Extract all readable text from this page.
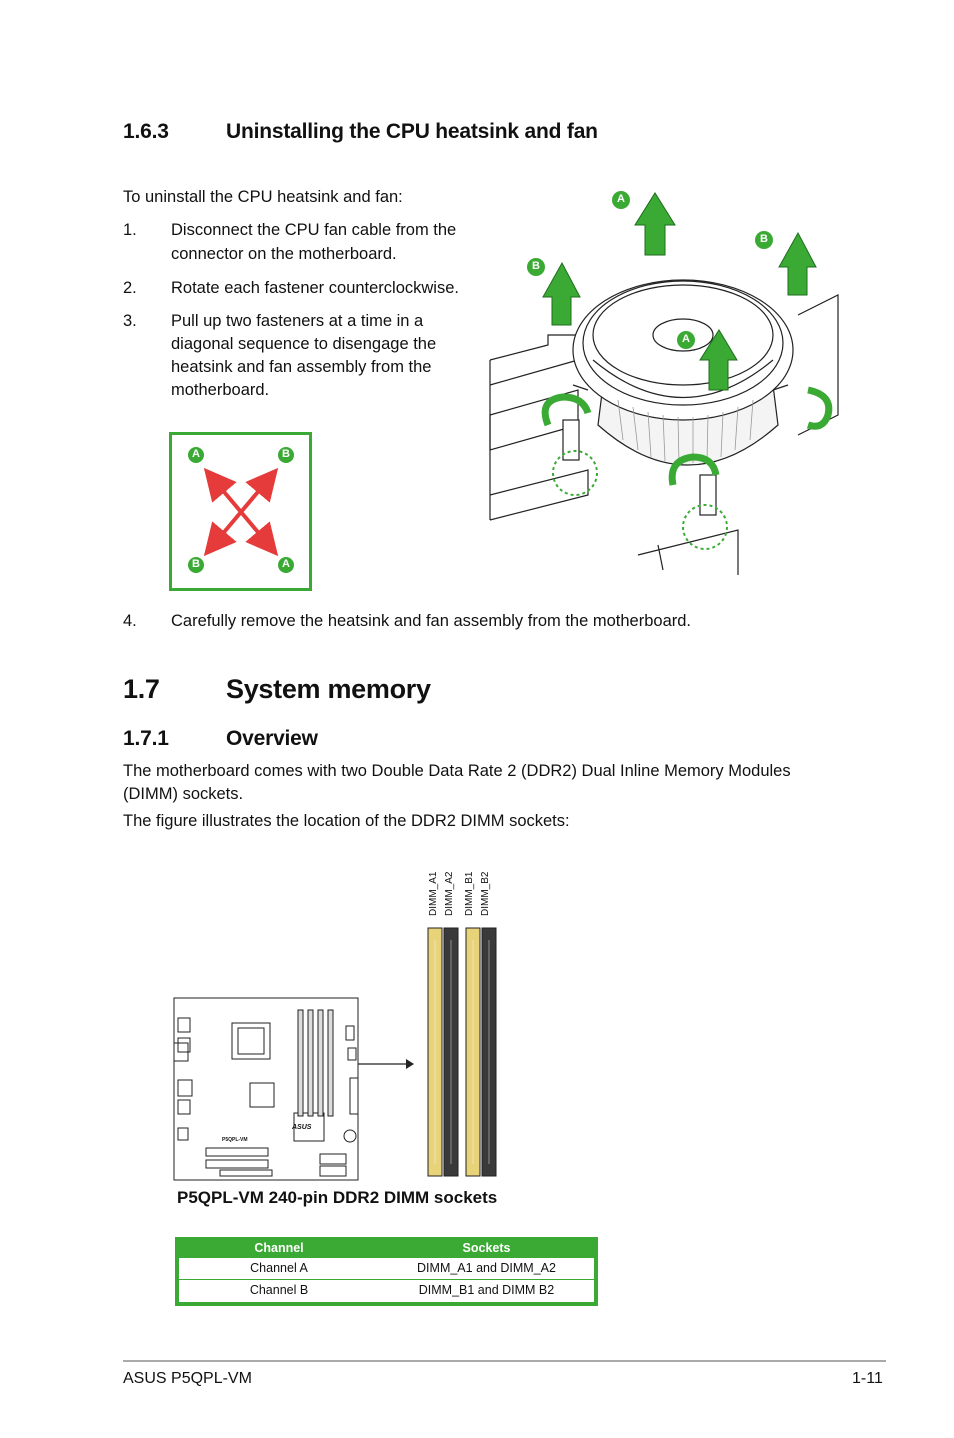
1.6.3	Uninstalling the CPU heatsink and fan
To uninstall the CPU heatsink and fan:
1. Disconnect the CPU fan cable from the
connector on the motherboard.
2. Rotate each fastener counterclockwise.
3. Pull up two fasteners at a time in a
diagonal sequence to disengage the
heatsink and fan assembly from the
motherboard.
A	B
B	A
A
B
B
A
4. Carefully remove the heatsink and fan assembly from the motherboard.
1.7 System memory
1.7.1	Overview
The motherboard comes with two Double Data Rate 2 (DDR2) Dual Inline Memory Modules
(DIMM) sockets.
The figure illustrates the location of the DDR2 DIMM sockets:
DIMM_A1 DIMM_A2 DIMM_B1 DIMM_B2
ASUS
P5QPL-VM
P5QPL-VM 240-pin DDR2 DIMM sockets
Channel	Sockets
Channel A	DIMM_A1 and DIMM_A2
Channel B	DIMM_B1 and DIMM B2
ASUS P5QPL-VM	1-11
